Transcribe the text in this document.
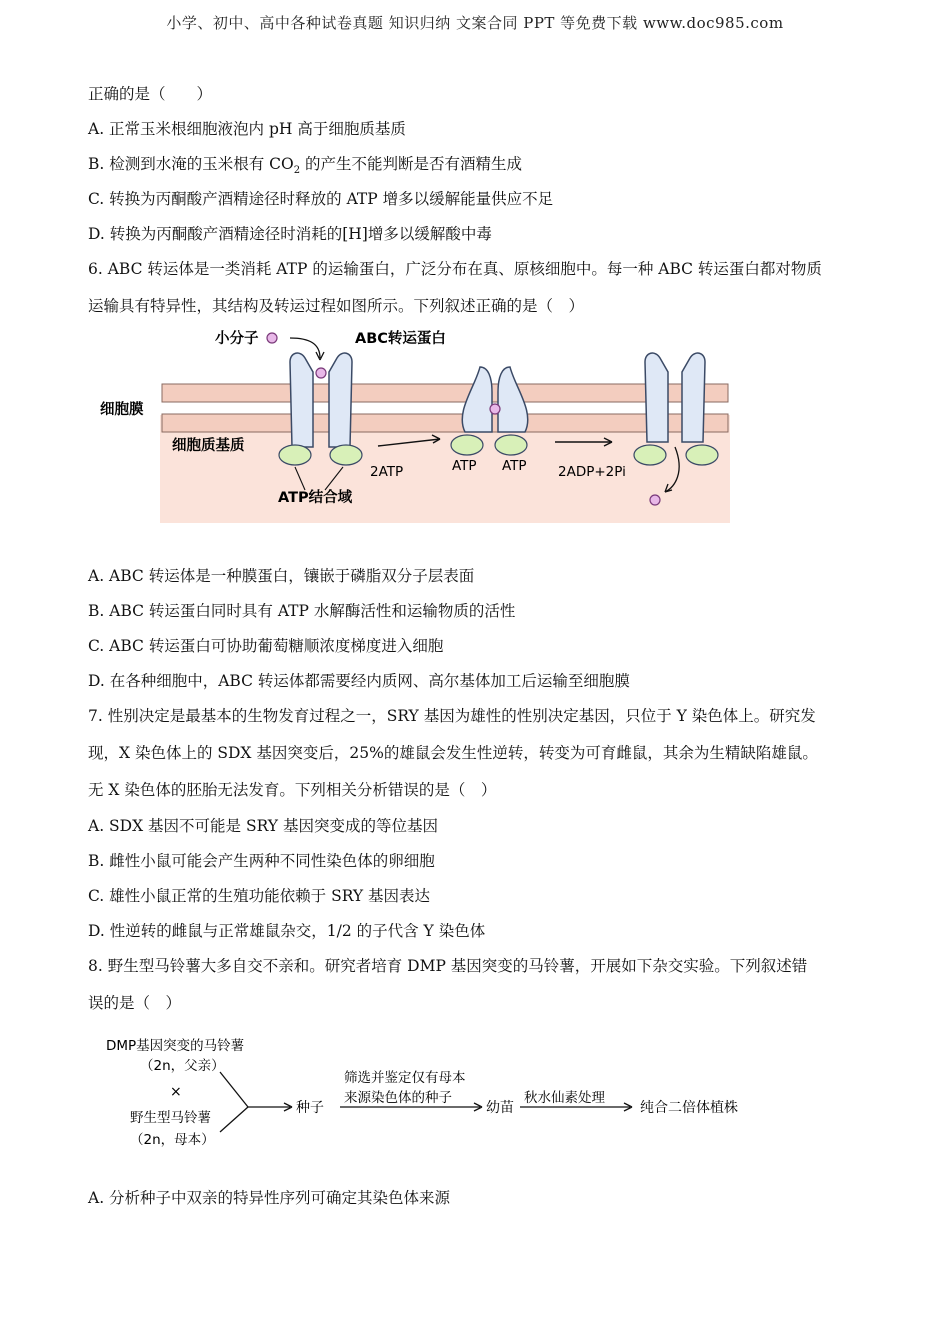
小学、初中、高中各种试卷真题 知识归纳 文案合同 PPT 等免费下载 www.doc985.com
正确的是（　　）
A. 正常玉米根细胞液泡内 pH 高于细胞质基质
B. 检测到水淹的玉米根有 $CO_2$ 的产生不能判断是否有酒精生成
C. 转换为丙酮酸产酒精途径时释放的 ATP 增多以缓解能量供应不足
D. 转换为丙酮酸产酒精途径时消耗的[H]增多以缓解酸中毒
6. ABC 转运体是一类消耗 ATP 的运输蛋白，广泛分布在真、原核细胞中。每一种 ABC 转运蛋白都对物质
运输具有特异性，其结构及转运过程如图所示。下列叙述正确的是（　）
小分子	ABC转运蛋白
细胞膜
细胞质基质
2ATP	ATP ATP 2ADP+2Pi
ATP结合域
A. ABC 转运体是一种膜蛋白，镶嵌于磷脂双分子层表面
B. ABC 转运蛋白同时具有 ATP 水解酶活性和运输物质的活性
C. ABC 转运蛋白可协助葡萄糖顺浓度梯度进入细胞
D. 在各种细胞中，ABC 转运体都需要经内质网、高尔基体加工后运输至细胞膜
7. 性别决定是最基本的生物发育过程之一，SRY 基因为雄性的性别决定基因，只位于 Y 染色体上。研究发
现，X 染色体上的 SDX 基因突变后，25%的雄鼠会发生性逆转，转变为可育雌鼠，其余为生精缺陷雄鼠。
无 X 染色体的胚胎无法发育。下列相关分析错误的是（　）
A. SDX 基因不可能是 SRY 基因突变成的等位基因
B. 雌性小鼠可能会产生两种不同性染色体的卵细胞
C. 雄性小鼠正常的生殖功能依赖于 SRY 基因表达
D. 性逆转的雌鼠与正常雄鼠杂交，1/2 的子代含 Y 染色体
8. 野生型马铃薯大多自交不亲和。研究者培育 DMP 基因突变的马铃薯，开展如下杂交实验。下列叙述错
误的是（　）
DMP基因突变的马铃薯
（2n，父亲）
×
野生型马铃薯
（2n，母本）
种子
筛选并鉴定仅有母本
来源染色体的种子
幼苗
秋水仙素处理
纯合二倍体植株
A. 分析种子中双亲的特异性序列可确定其染色体来源
